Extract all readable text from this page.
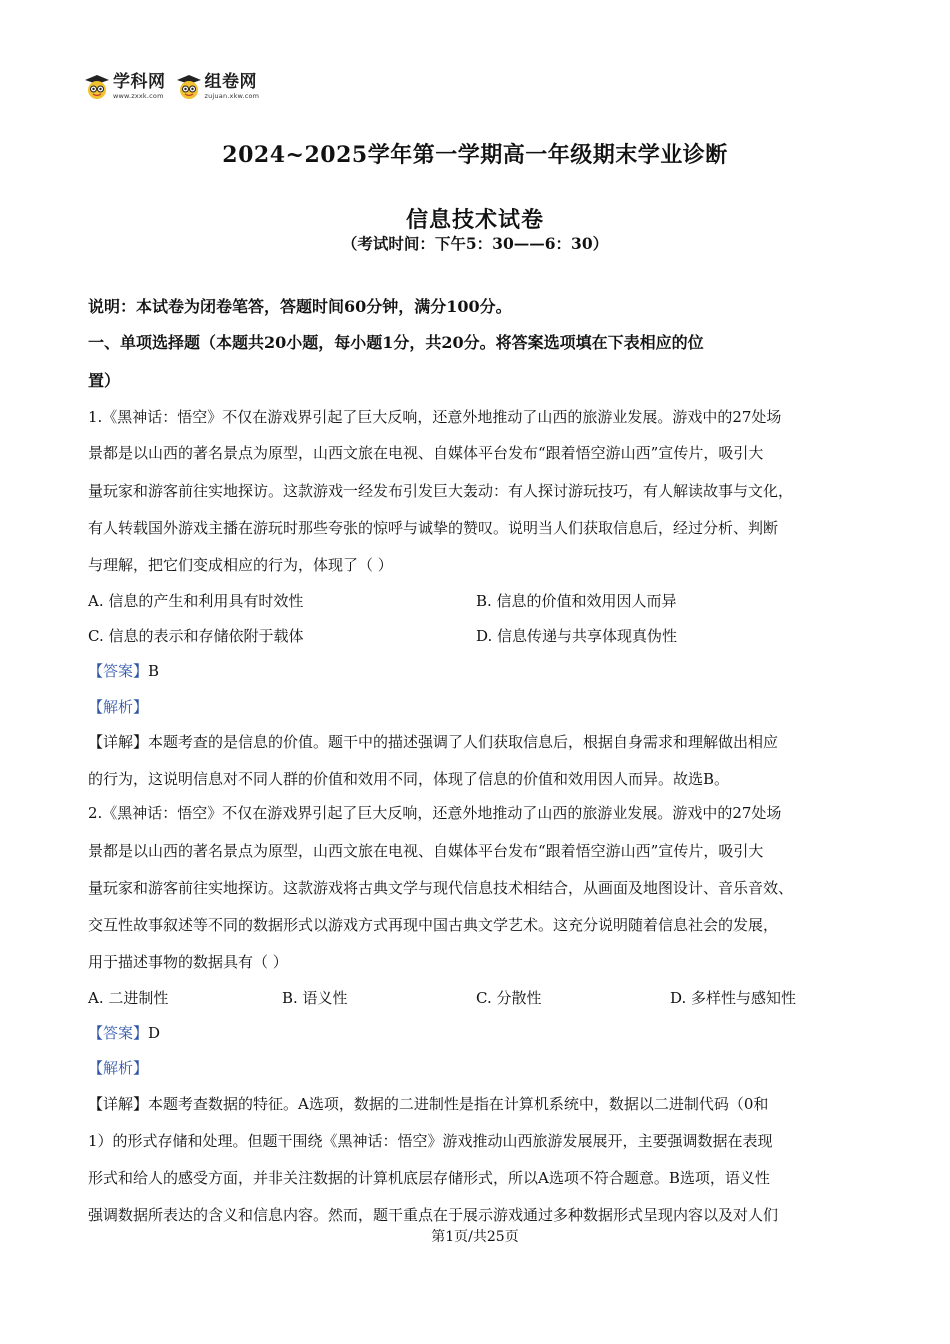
学科网
www.zxxk.com
组卷网
zujuan.xkw.com
2024~2025学年第一学期高一年级期末学业诊断
信息技术试卷
（考试时间：下午5：30——6：30）
说明：本试卷为闭卷笔答，答题时间60分钟，满分100分。
一、单项选择题（本题共20小题，每小题1分，共20分。将答案选项填在下表相应的位
置）
1.《黑神话：悟空》不仅在游戏界引起了巨大反响，还意外地推动了山西的旅游业发展。游戏中的27处场
景都是以山西的著名景点为原型，山西文旅在电视、自媒体平台发布“跟着悟空游山西”宣传片，吸引大
量玩家和游客前往实地探访。这款游戏一经发布引发巨大轰动：有人探讨游玩技巧，有人解读故事与文化，
有人转载国外游戏主播在游玩时那些夸张的惊呼与诚挚的赞叹。说明当人们获取信息后，经过分析、判断
与理解，把它们变成相应的行为，体现了（ ）
A. 信息的产生和利用具有时效性	B. 信息的价值和效用因人而异
C. 信息的表示和存储依附于载体	D. 信息传递与共享体现真伪性
【答案】B
【解析】
【详解】本题考查的是信息的价值。题干中的描述强调了人们获取信息后，根据自身需求和理解做出相应
的行为，这说明信息对不同人群的价值和效用不同，体现了信息的价值和效用因人而异。故选B。
2.《黑神话：悟空》不仅在游戏界引起了巨大反响，还意外地推动了山西的旅游业发展。游戏中的27处场
景都是以山西的著名景点为原型，山西文旅在电视、自媒体平台发布“跟着悟空游山西”宣传片，吸引大
量玩家和游客前往实地探访。这款游戏将古典文学与现代信息技术相结合，从画面及地图设计、音乐音效、
交互性故事叙述等不同的数据形式以游戏方式再现中国古典文学艺术。这充分说明随着信息社会的发展，
用于描述事物的数据具有（ ）
A. 二进制性	B. 语义性	C. 分散性	D. 多样性与感知性
【答案】D
【解析】
【详解】本题考查数据的特征。A选项，数据的二进制性是指在计算机系统中，数据以二进制代码（0和
1）的形式存储和处理。但题干围绕《黑神话：悟空》游戏推动山西旅游发展展开，主要强调数据在表现
形式和给人的感受方面，并非关注数据的计算机底层存储形式，所以A选项不符合题意。B选项，语义性
强调数据所表达的含义和信息内容。然而，题干重点在于展示游戏通过多种数据形式呈现内容以及对人们
第1页/共25页
